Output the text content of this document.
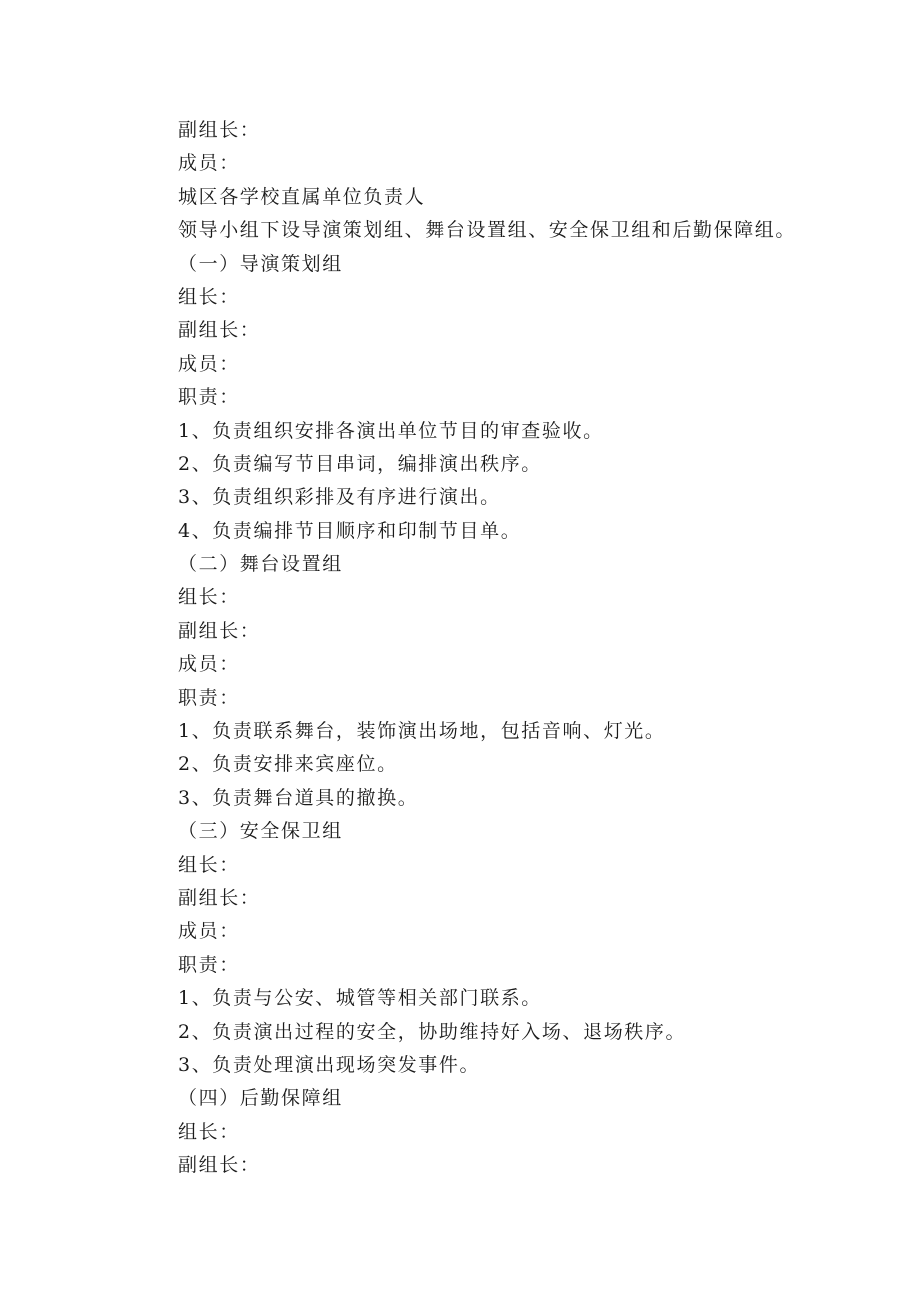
副组长：
成员：
城区各学校直属单位负责人
领导小组下设导演策划组、舞台设置组、安全保卫组和后勤保障组。
（一）导演策划组
组长：
副组长：
成员：
职责：
1、负责组织安排各演出单位节目的审查验收。
2、负责编写节目串词，编排演出秩序。
3、负责组织彩排及有序进行演出。
4、负责编排节目顺序和印制节目单。
（二）舞台设置组
组长：
副组长：
成员：
职责：
1、负责联系舞台，装饰演出场地，包括音响、灯光。
2、负责安排来宾座位。
3、负责舞台道具的撤换。
（三）安全保卫组
组长：
副组长：
成员：
职责：
1、负责与公安、城管等相关部门联系。
2、负责演出过程的安全，协助维持好入场、退场秩序。
3、负责处理演出现场突发事件。
（四）后勤保障组
组长：
副组长：
